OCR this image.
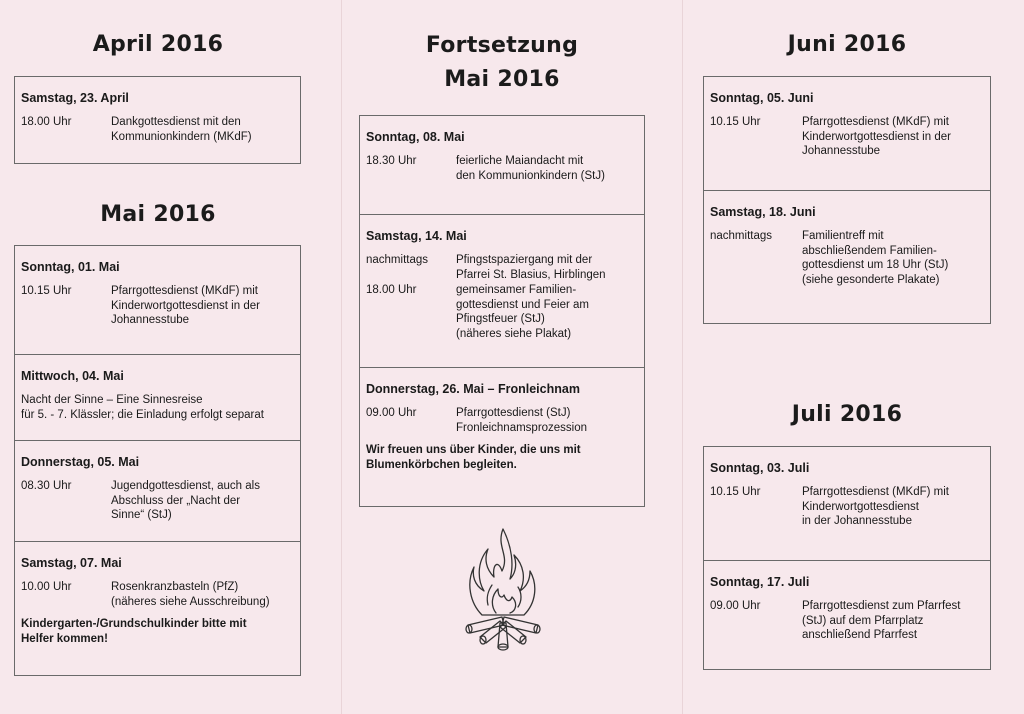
April 2016
Samstag, 23. April
18.00 Uhr	Dankgottesdienst mit den
Kommunionkindern (MKdF)
Mai 2016
Sonntag, 01. Mai
10.15 Uhr	Pfarrgottesdienst (MKdF) mit
Kinderwortgottesdienst in der
Johannesstube
Mittwoch, 04. Mai
Nacht der Sinne – Eine Sinnesreise
für 5. - 7. Klässler; die Einladung erfolgt separat
Donnerstag, 05. Mai
08.30 Uhr	Jugendgottesdienst, auch als
Abschluss der „Nacht der
Sinne“ (StJ)
Samstag, 07. Mai
10.00 Uhr	Rosenkranzbasteln (PfZ)
(näheres siehe Ausschreibung)
Kindergarten-/Grundschulkinder bitte mit
Helfer kommen!
Fortsetzung
Mai 2016
Sonntag, 08. Mai
18.30 Uhr	feierliche Maiandacht mit
den Kommunionkindern (StJ)
Samstag, 14. Mai
nachmittags	Pfingstspaziergang mit der
Pfarrei St. Blasius, Hirblingen
18.00 Uhr	gemeinsamer Familien-
gottesdienst und Feier am
Pfingstfeuer (StJ)
(näheres siehe Plakat)
Donnerstag, 26. Mai – Fronleichnam
09.00 Uhr	Pfarrgottesdienst (StJ)
Fronleichnamsprozession
Wir freuen uns über Kinder, die uns mit
Blumenkörbchen begleiten.
Juni 2016
Sonntag, 05. Juni
10.15 Uhr	Pfarrgottesdienst (MKdF) mit
Kinderwortgottesdienst in der
Johannesstube
Samstag, 18. Juni
nachmittags	Familientreff mit
abschließendem Familien-
gottesdienst um 18 Uhr (StJ)
(siehe gesonderte Plakate)
Juli 2016
Sonntag, 03. Juli
10.15 Uhr	Pfarrgottesdienst (MKdF) mit
Kinderwortgottesdienst
in der Johannesstube
Sonntag, 17. Juli
09.00 Uhr	Pfarrgottesdienst zum Pfarrfest
(StJ) auf dem Pfarrplatz
anschließend Pfarrfest
